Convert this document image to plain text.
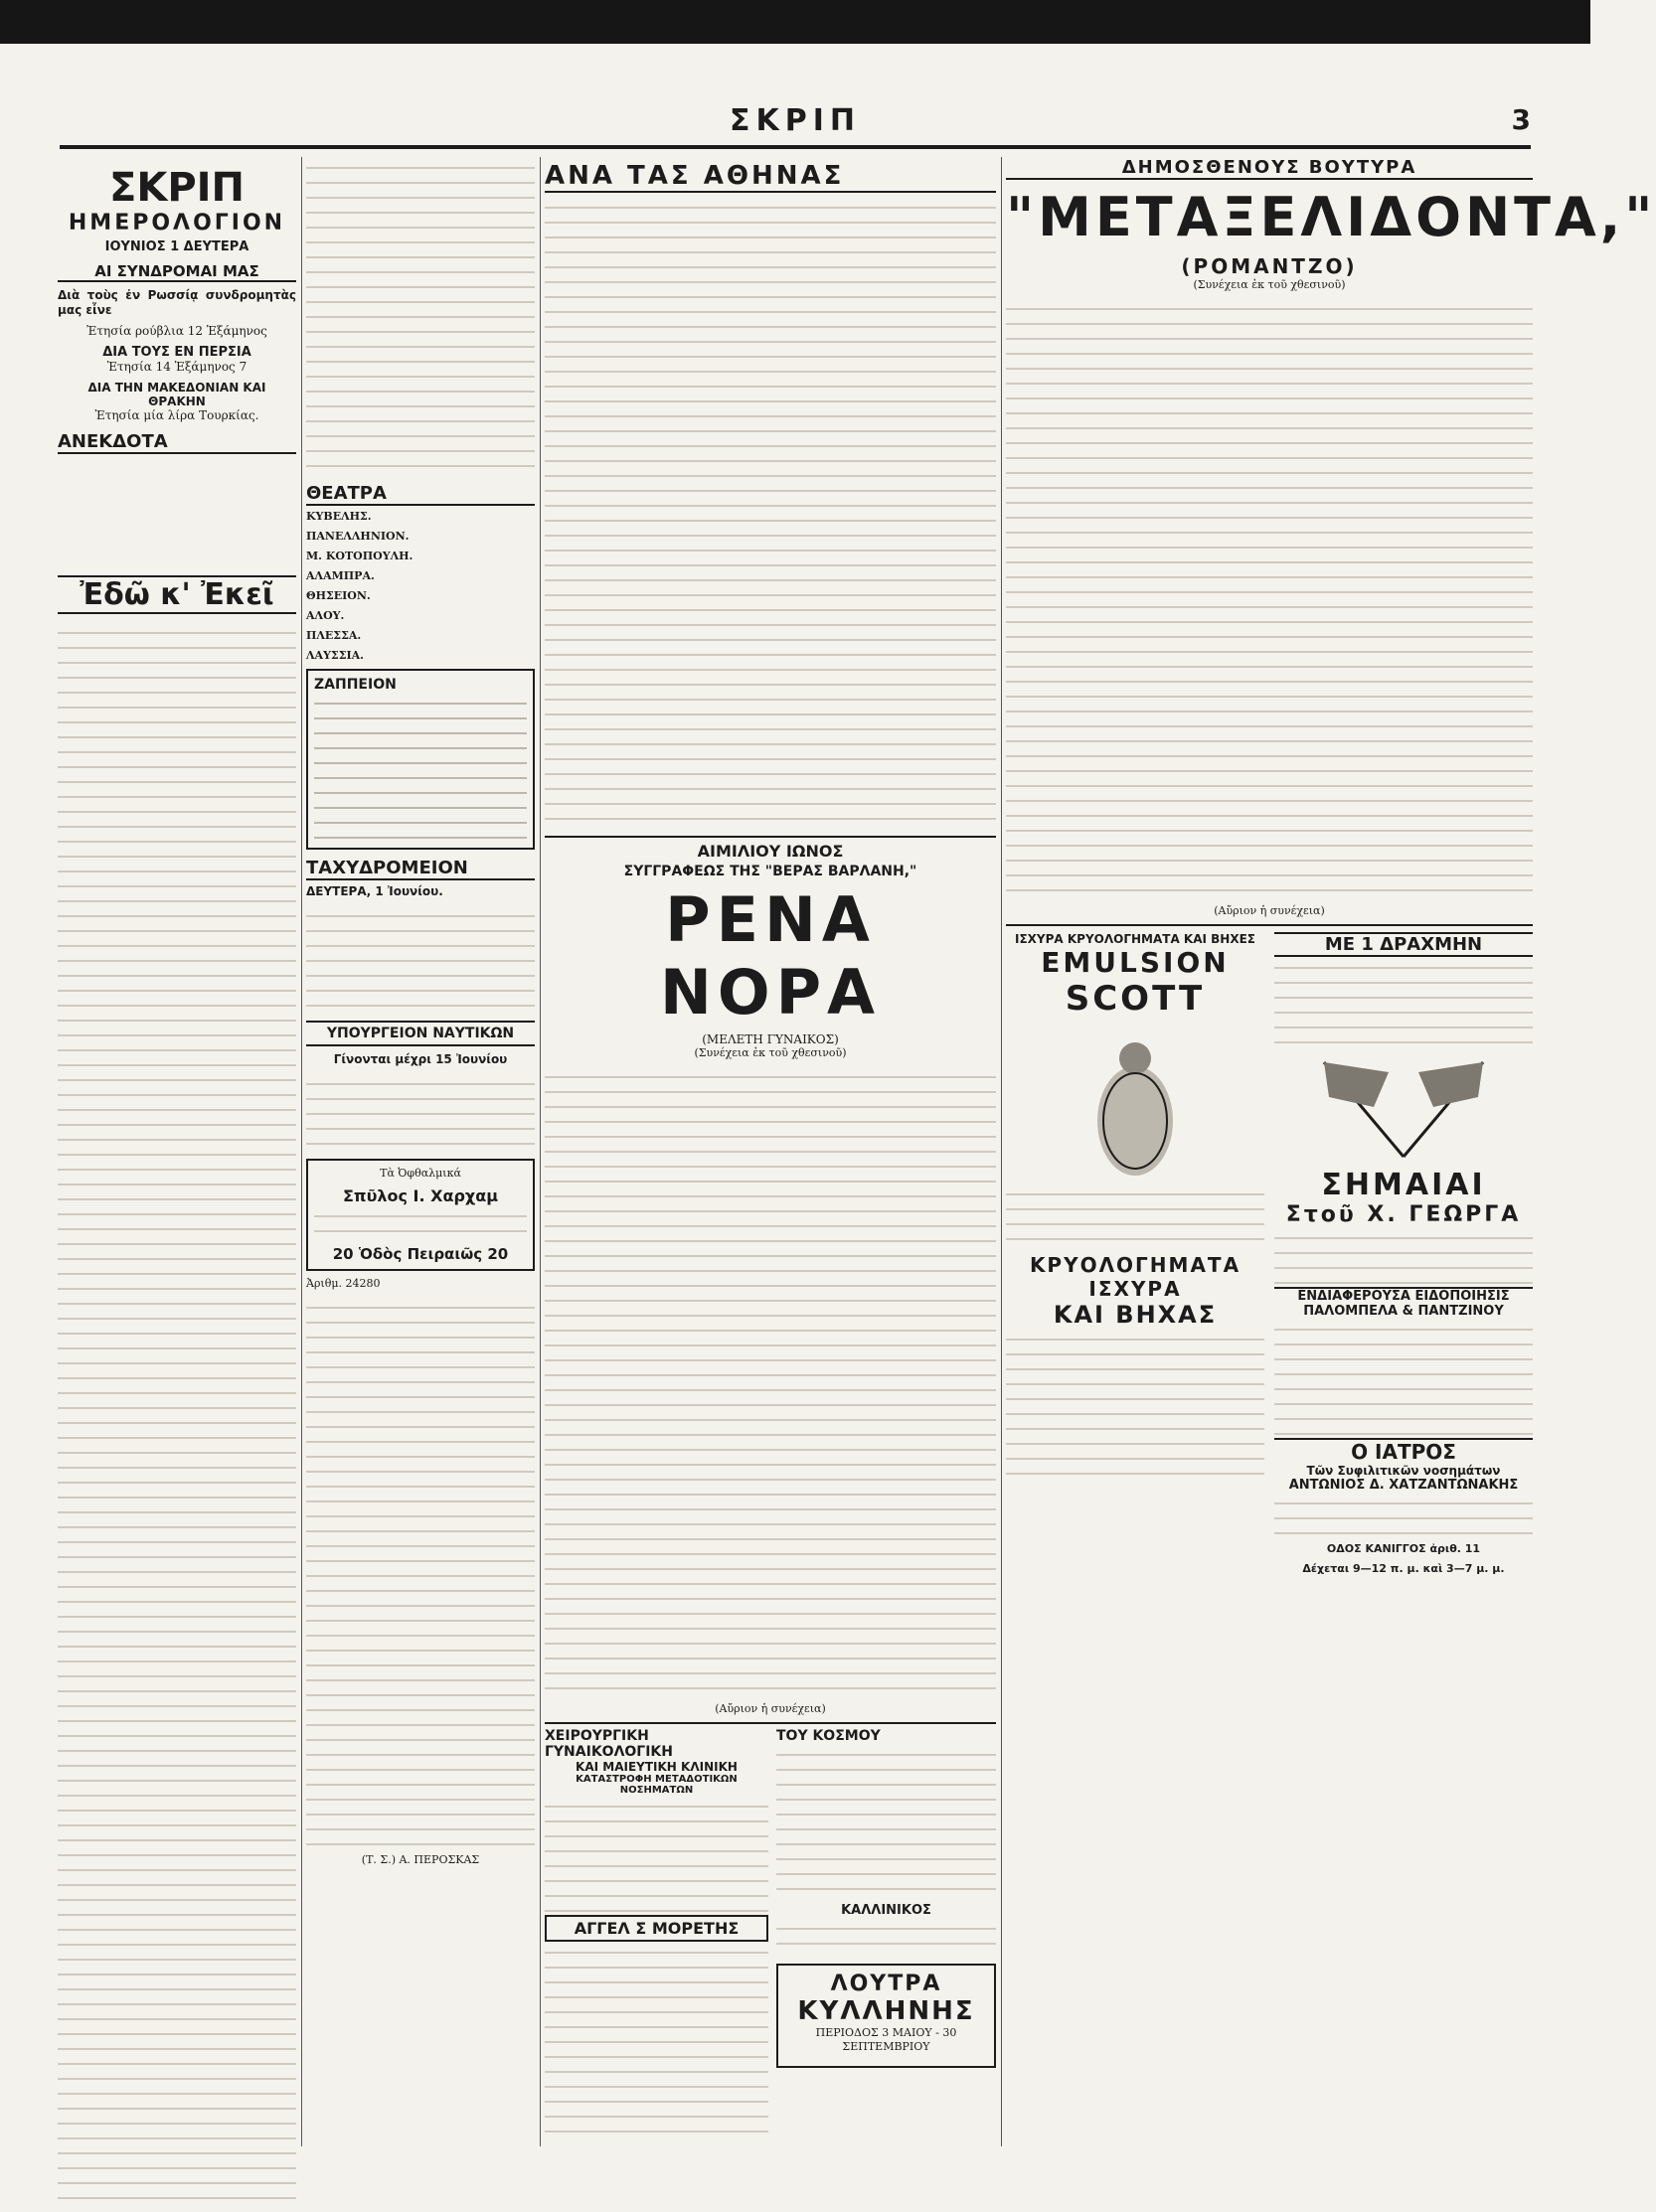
ΣΚΡΙΠ	3
ΣΚΡΙΠ
ΗΜΕΡΟΛΟΓΙΟΝ
ΙΟΥΝΙΟΣ 1 ΔΕΥΤΕΡΑ
ΑΙ ΣΥΝΔΡΟΜΑΙ ΜΑΣ

Διὰ τοὺς ἐν Ρωσσίᾳ συνδρομητὰς μας εἶνε

Ἐτησία ρούβλια 12 Ἑξάμηνος

ΔΙΑ ΤΟΥΣ ΕΝ ΠΕΡΣΙΑ

Ἐτησία 14 Ἑξάμηνος 7

ΔΙΑ ΤΗΝ ΜΑΚΕΔΟΝΙΑΝ ΚΑΙ ΘΡΑΚΗΝ

Ἐτησία μία λίρα Τουρκίας.

ΑΝΕΚΔΟΤΑ
⠀
Ἐδῶ κ' Ἐκεῖ
ΘΕΑΤΡΑ

ΚΥΒΕΛΗΣ.

ΠΑΝΕΛΛΗΝΙΟΝ.

Μ. ΚΟΤΟΠΟΥΛΗ.

ΑΛΑΜΠΡΑ.

ΘΗΣΕΙΟΝ.

ΑΛΟΥ.

ΠΛΕΣΣΑ.

ΛΑΥΣΣΙΑ.

ΖΑΠΠΕΙΟΝ
ΤΑΧΥΔΡΟΜΕΙΟΝ

ΔΕΥΤΕΡΑ, 1 Ἰουνίου.

ΥΠΟΥΡΓΕΙΟΝ ΝΑΥΤΙΚΩΝ

Γίνονται μέχρι 15 Ἰουνίου

Τὰ Ὀφθαλμικά

Σπῦλος Ι. Χαρχαμ
20 Ὁδὸς Πειραιῶς 20

Ἀριθμ. 24280

(Τ. Σ.) Α. ΠΕΡΟΣΚΑΣ

ΑΝΑ ΤΑΣ ΑΘΗΝΑΣ
ΑΙΜΙΛΙΟΥ ΙΩΝΟΣ
ΣΥΓΓΡΑΦΕΩΣ ΤΗΣ "ΒΕΡΑΣ ΒΑΡΛΑΝΗ,"
ΡΕΝΑ ΝΟΡΑ
(ΜΕΛΕΤΗ ΓΥΝΑΙΚΟΣ)

(Συνέχεια ἐκ τοῦ χθεσινοῦ)

(Αὔριον ἡ συνέχεια)

ΧΕΙΡΟΥΡΓΙΚΗ ΓΥΝΑΙΚΟΛΟΓΙΚΗ
ΚΑΙ ΜΑΙΕΥΤΙΚΗ ΚΛΙΝΙΚΗ
ΚΑΤΑΣΤΡΟΦΗ ΜΕΤΑΔΟΤΙΚΩΝ ΝΟΣΗΜΑΤΩΝ
ΑΓΓΕΛ Σ ΜΟΡΕΤΗΣ
ΤΟΥ ΚΟΣΜΟΥ
ΚΑΛΛΙΝΙΚΟΣ
ΛΟΥΤΡΑ
ΚΥΛΛΗΝΗΣ

ΠΕΡΙΟΔΟΣ 3 ΜΑΙΟΥ - 30 ΣΕΠΤΕΜΒΡΙΟΥ

ΔΗΜΟΣΘΕΝΟΥΣ ΒΟΥΤΥΡΑ
"ΜΕΤΑΞΕΛΙΔΟΝΤΑ,"
(ΡΟΜΑΝΤΖΟ)

(Συνέχεια ἐκ τοῦ χθεσινοῦ)

(Αὔριον ἡ συνέχεια)

ΙΣΧΥΡΑ ΚΡΥΟΛΟΓΗΜΑΤΑ ΚΑΙ ΒΗΧΕΣ
EMULSION
SCOTT
ΚΡΥΟΛΟΓΗΜΑΤΑ ΙΣΧΥΡΑ
ΚΑΙ ΒΗΧΑΣ
ΜΕ 1 ΔΡΑΧΜΗΝ
ΣΗΜΑΙΑΙ
Στοῦ Χ. ΓΕΩΡΓΑ
ΕΝΔΙΑΦΕΡΟΥΣΑ ΕΙΔΟΠΟΙΗΣΙΣ ΠΑΛΟΜΠΕΛΑ & ΠΑΝΤΖΙΝΟΥ
Ο ΙΑΤΡΟΣ
Τῶν Συφιλιτικῶν νοσημάτων
ΑΝΤΩΝΙΟΣ Δ. ΧΑΤΖΑΝΤΩΝΑΚΗΣ

ΟΔΟΣ ΚΑΝΙΓΓΟΣ ἀριθ. 11

Δέχεται 9—12 π. μ. καὶ 3—7 μ. μ.
